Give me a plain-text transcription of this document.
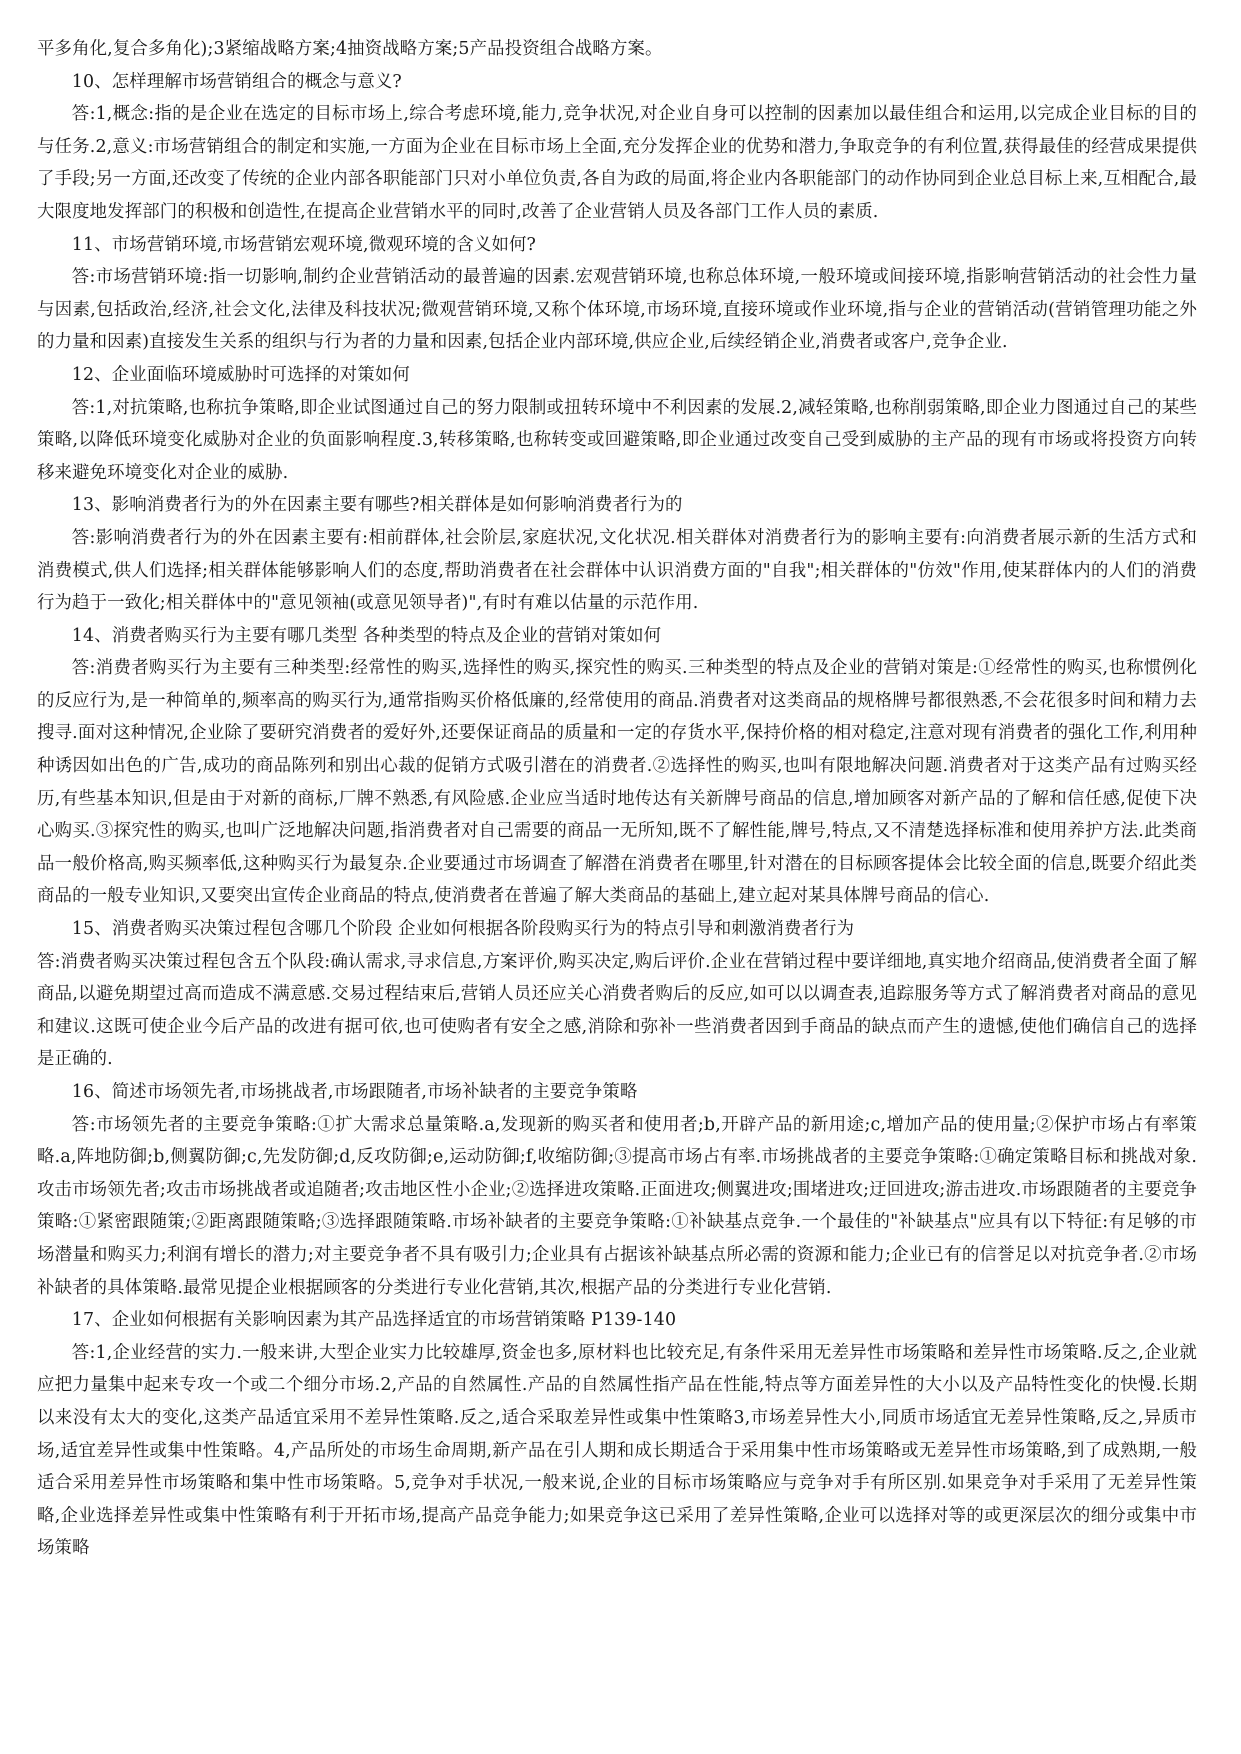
平多角化,复合多角化);3紧缩战略方案;4抽资战略方案;5产品投资组合战略方案。

10、怎样理解市场营销组合的概念与意义?

答:1,概念:指的是企业在选定的目标市场上,综合考虑环境,能力,竞争状况,对企业自身可以控制的因素加以最佳组合和运用,以完成企业目标的目的与任务.2,意义:市场营销组合的制定和实施,一方面为企业在目标市场上全面,充分发挥企业的优势和潜力,争取竞争的有利位置,获得最佳的经营成果提供了手段;另一方面,还改变了传统的企业内部各职能部门只对小单位负责,各自为政的局面,将企业内各职能部门的动作协同到企业总目标上来,互相配合,最大限度地发挥部门的积极和创造性,在提高企业营销水平的同时,改善了企业营销人员及各部门工作人员的素质.

11、市场营销环境,市场营销宏观环境,微观环境的含义如何?

答:市场营销环境:指一切影响,制约企业营销活动的最普遍的因素.宏观营销环境,也称总体环境,一般环境或间接环境,指影响营销活动的社会性力量与因素,包括政治,经济,社会文化,法律及科技状况;微观营销环境,又称个体环境,市场环境,直接环境或作业环境,指与企业的营销活动(营销管理功能之外的力量和因素)直接发生关系的组织与行为者的力量和因素,包括企业内部环境,供应企业,后续经销企业,消费者或客户,竞争企业.

12、企业面临环境威胁时可选择的对策如何

答:1,对抗策略,也称抗争策略,即企业试图通过自己的努力限制或扭转环境中不利因素的发展.2,减轻策略,也称削弱策略,即企业力图通过自己的某些策略,以降低环境变化威胁对企业的负面影响程度.3,转移策略,也称转变或回避策略,即企业通过改变自己受到威胁的主产品的现有市场或将投资方向转移来避免环境变化对企业的威胁.

13、影响消费者行为的外在因素主要有哪些?相关群体是如何影响消费者行为的

答:影响消费者行为的外在因素主要有:相前群体,社会阶层,家庭状况,文化状况.相关群体对消费者行为的影响主要有:向消费者展示新的生活方式和消费模式,供人们选择;相关群体能够影响人们的态度,帮助消费者在社会群体中认识消费方面的"自我";相关群体的"仿效"作用,使某群体内的人们的消费行为趋于一致化;相关群体中的"意见领袖(或意见领导者)",有时有难以估量的示范作用.

14、消费者购买行为主要有哪几类型 各种类型的特点及企业的营销对策如何

答:消费者购买行为主要有三种类型:经常性的购买,选择性的购买,探究性的购买.三种类型的特点及企业的营销对策是:①经常性的购买,也称惯例化的反应行为,是一种简单的,频率高的购买行为,通常指购买价格低廉的,经常使用的商品.消费者对这类商品的规格牌号都很熟悉,不会花很多时间和精力去搜寻.面对这种情况,企业除了要研究消费者的爱好外,还要保证商品的质量和一定的存货水平,保持价格的相对稳定,注意对现有消费者的强化工作,利用种种诱因如出色的广告,成功的商品陈列和别出心裁的促销方式吸引潜在的消费者.②选择性的购买,也叫有限地解决问题.消费者对于这类产品有过购买经历,有些基本知识,但是由于对新的商标,厂牌不熟悉,有风险感.企业应当适时地传达有关新牌号商品的信息,增加顾客对新产品的了解和信任感,促使下决心购买.③探究性的购买,也叫广泛地解决问题,指消费者对自己需要的商品一无所知,既不了解性能,牌号,特点,又不清楚选择标准和使用养护方法.此类商品一般价格高,购买频率低,这种购买行为最复杂.企业要通过市场调查了解潜在消费者在哪里,针对潜在的目标顾客提体会比较全面的信息,既要介绍此类商品的一般专业知识,又要突出宣传企业商品的特点,使消费者在普遍了解大类商品的基础上,建立起对某具体牌号商品的信心.

15、消费者购买决策过程包含哪几个阶段 企业如何根据各阶段购买行为的特点引导和刺激消费者行为

答:消费者购买决策过程包含五个队段:确认需求,寻求信息,方案评价,购买决定,购后评价.企业在营销过程中要详细地,真实地介绍商品,使消费者全面了解商品,以避免期望过高而造成不满意感.交易过程结束后,营销人员还应关心消费者购后的反应,如可以以调查表,追踪服务等方式了解消费者对商品的意见和建议.这既可使企业今后产品的改进有据可依,也可使购者有安全之感,消除和弥补一些消费者因到手商品的缺点而产生的遗憾,使他们确信自己的选择是正确的.

16、简述市场领先者,市场挑战者,市场跟随者,市场补缺者的主要竞争策略

答:市场领先者的主要竞争策略:①扩大需求总量策略.a,发现新的购买者和使用者;b,开辟产品的新用途;c,增加产品的使用量;②保护市场占有率策略.a,阵地防御;b,侧翼防御;c,先发防御;d,反攻防御;e,运动防御;f,收缩防御;③提高市场占有率.市场挑战者的主要竞争策略:①确定策略目标和挑战对象.攻击市场领先者;攻击市场挑战者或追随者;攻击地区性小企业;②选择进攻策略.正面进攻;侧翼进攻;围堵进攻;迂回进攻;游击进攻.市场跟随者的主要竞争策略:①紧密跟随策;②距离跟随策略;③选择跟随策略.市场补缺者的主要竞争策略:①补缺基点竞争.一个最佳的"补缺基点"应具有以下特征:有足够的市场潜量和购买力;利润有增长的潜力;对主要竞争者不具有吸引力;企业具有占据该补缺基点所必需的资源和能力;企业已有的信誉足以对抗竞争者.②市场补缺者的具体策略.最常见提企业根据顾客的分类进行专业化营销,其次,根据产品的分类进行专业化营销.

17、企业如何根据有关影响因素为其产品选择适宜的市场营销策略 P139-140

答:1,企业经营的实力.一般来讲,大型企业实力比较雄厚,资金也多,原材料也比较充足,有条件采用无差异性市场策略和差异性市场策略.反之,企业就应把力量集中起来专攻一个或二个细分市场.2,产品的自然属性.产品的自然属性指产品在性能,特点等方面差异性的大小以及产品特性变化的快慢.长期以来没有太大的变化,这类产品适宜采用不差异性策略.反之,适合采取差异性或集中性策略3,市场差异性大小,同质市场适宜无差异性策略,反之,异质市场,适宜差异性或集中性策略。4,产品所处的市场生命周期,新产品在引人期和成长期适合于采用集中性市场策略或无差异性市场策略,到了成熟期,一般适合采用差异性市场策略和集中性市场策略。5,竞争对手状况,一般来说,企业的目标市场策略应与竞争对手有所区别.如果竞争对手采用了无差异性策略,企业选择差异性或集中性策略有利于开拓市场,提高产品竞争能力;如果竞争这已采用了差异性策略,企业可以选择对等的或更深层次的细分或集中市场策略
